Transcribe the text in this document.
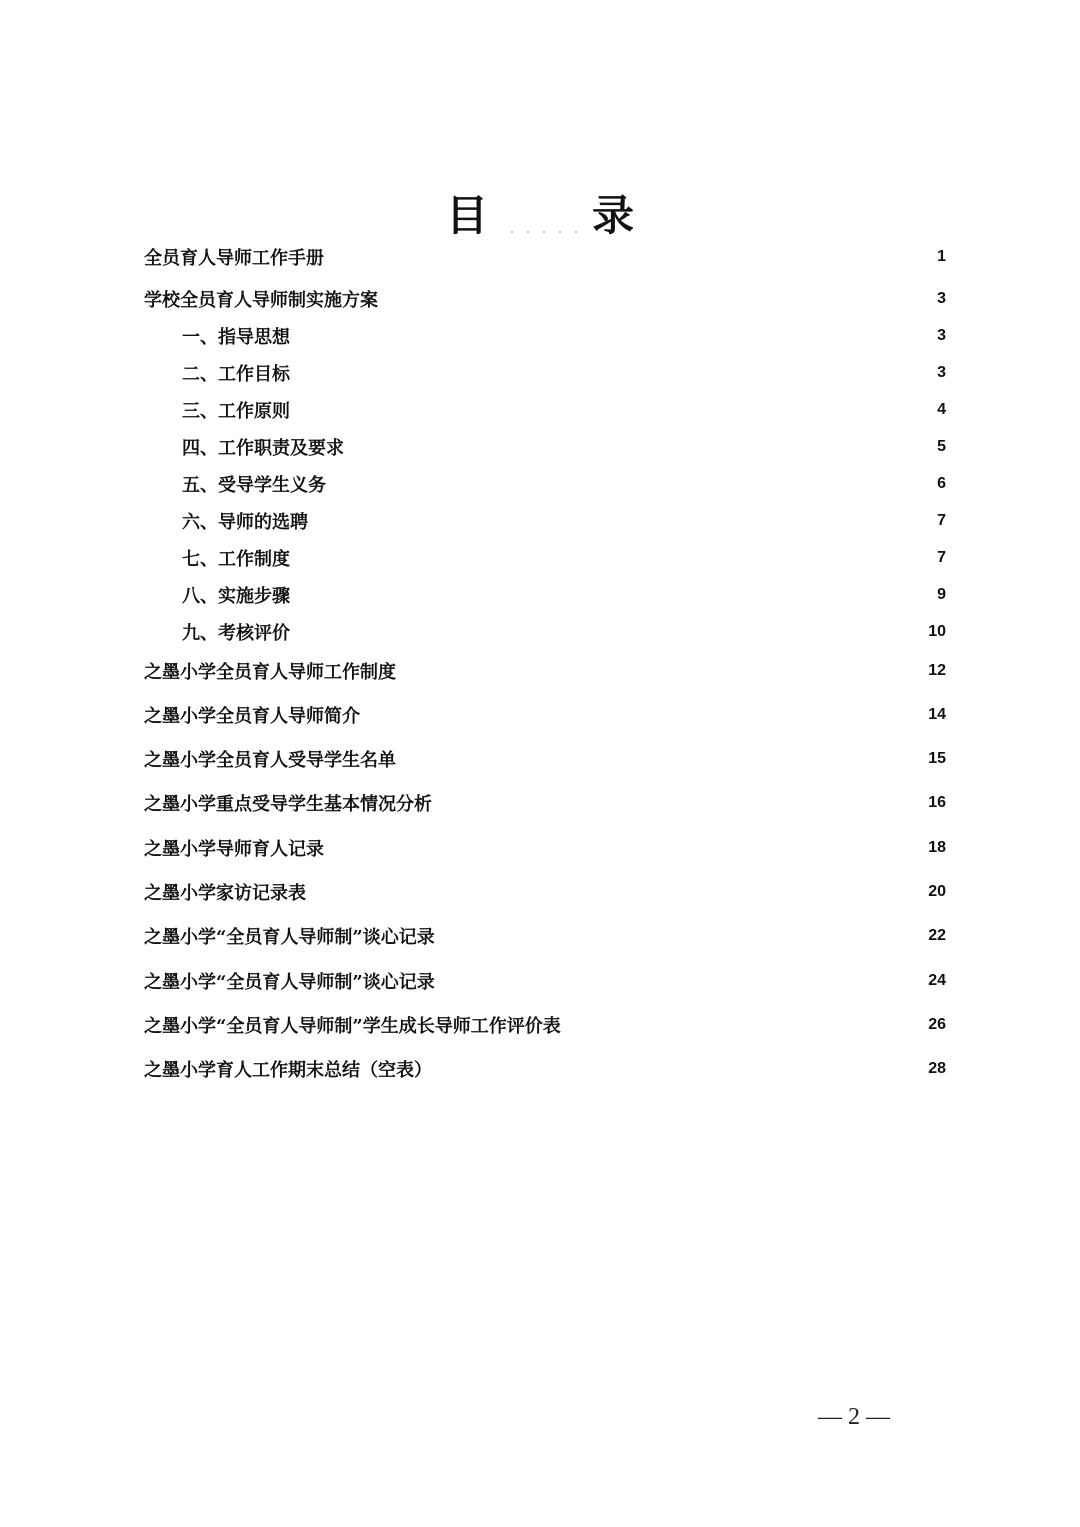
目 录
全员育人导师工作手册	1
学校全员育人导师制实施方案	3
一、指导思想	3
二、工作目标	3
三、工作原则	4
四、工作职责及要求	5
五、受导学生义务	6
六、导师的选聘	7
七、工作制度	7
八、实施步骤	9
九、考核评价	10
之墨小学全员育人导师工作制度	12
之墨小学全员育人导师简介	14
之墨小学全员育人受导学生名单	15
之墨小学重点受导学生基本情况分析	16
之墨小学导师育人记录	18
之墨小学家访记录表	20
之墨小学“全员育人导师制”谈心记录	22
之墨小学“全员育人导师制”谈心记录	24
之墨小学“全员育人导师制”学生成长导师工作评价表	26
之墨小学育人工作期末总结（空表）	28
— 2 —
